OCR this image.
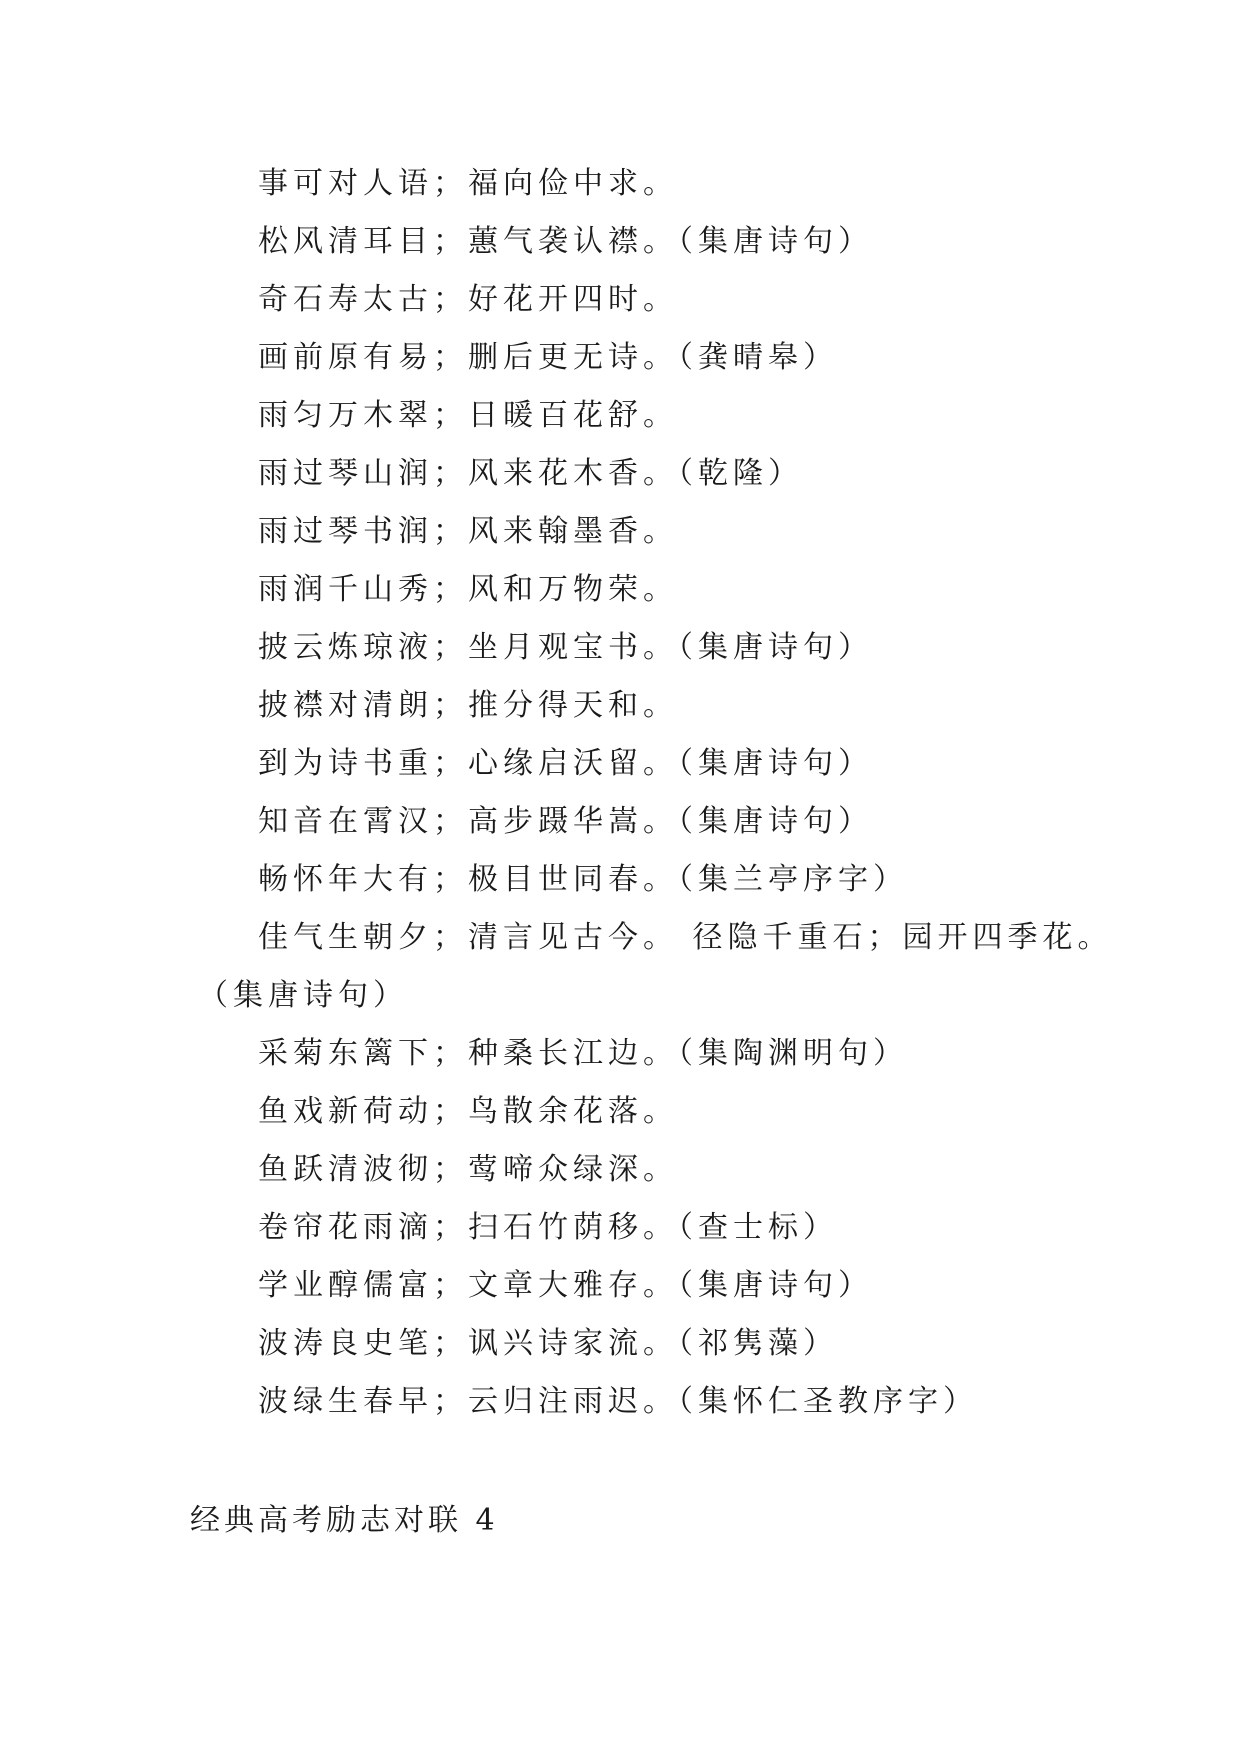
事可对人语；福向俭中求。
松风清耳目；蕙气袭认襟。（集唐诗句）
奇石寿太古；好花开四时。
画前原有易；删后更无诗。（龚晴皋）
雨匀万木翠；日暖百花舒。
雨过琴山润；风来花木香。（乾隆）
雨过琴书润；风来翰墨香。
雨润千山秀；风和万物荣。
披云炼琼液；坐月观宝书。（集唐诗句）
披襟对清朗；推分得天和。
到为诗书重；心缘启沃留。（集唐诗句）
知音在霄汉；高步蹑华嵩。（集唐诗句）
畅怀年大有；极目世同春。（集兰亭序字）
佳气生朝夕；清言见古今。 径隐千重石；园开四季花。
（集唐诗句）
采菊东篱下；种桑长江边。（集陶渊明句）
鱼戏新荷动；鸟散余花落。
鱼跃清波彻；莺啼众绿深。
卷帘花雨滴；扫石竹荫移。（查士标）
学业醇儒富；文章大雅存。（集唐诗句）
波涛良史笔；讽兴诗家流。（祁隽藻）
波绿生春早；云归注雨迟。（集怀仁圣教序字）
经典高考励志对联 4
